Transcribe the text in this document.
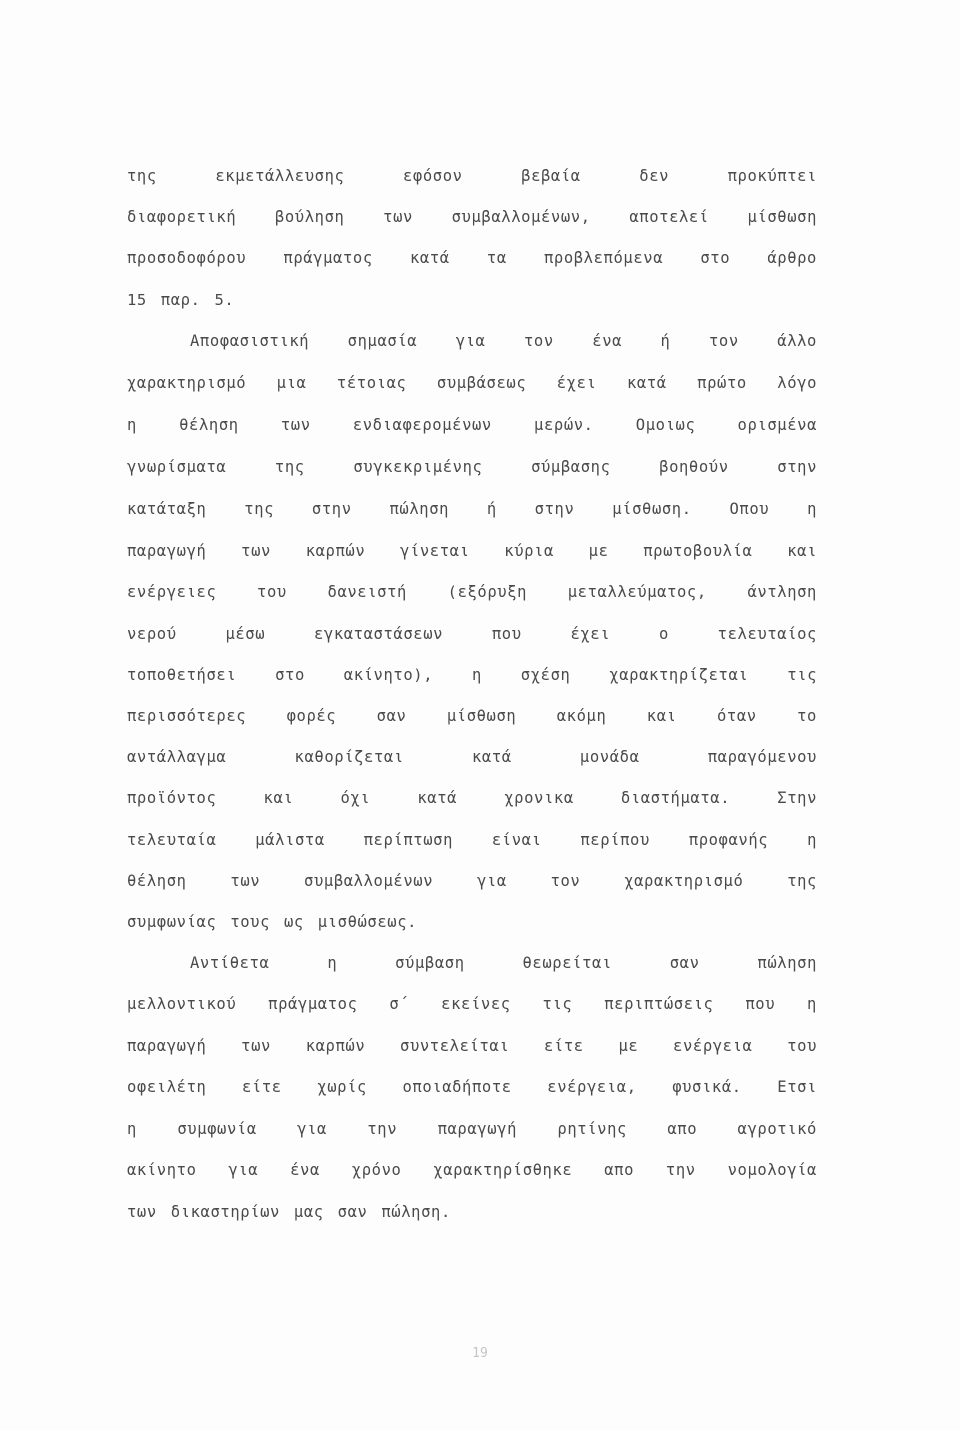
της εκμετάλλευσης εφόσον βεβαία δεν προκύπτει
διαφορετική βούληση των συμβαλλομένων, αποτελεί μίσθωση
προσοδοφόρου πράγματος κατά τα προβλεπόμενα στο άρθρο
15 παρ. 5.
Αποφασιστική σημασία για τον ένα ή τον άλλο
χαρακτηρισμό μια τέτοιας συμβάσεως έχει κατά πρώτο λόγο
η θέληση των ενδιαφερομένων μερών. Ομοιως ορισμένα
γνωρίσματα της συγκεκριμένης σύμβασης βοηθούν στην
κατάταξη της στην πώληση ή στην μίσθωση. Οπου η
παραγωγή των καρπών γίνεται κύρια με πρωτοβουλία και
ενέργειες του δανειστή (εξόρυξη μεταλλεύματος, άντληση
νερού μέσω εγκαταστάσεων που έχει ο τελευταίος
τοποθετήσει στο ακίνητο), η σχέση χαρακτηρίζεται τις
περισσότερες φορές σαν μίσθωση ακόμη και όταν το
αντάλλαγμα καθορίζεται κατά μονάδα παραγόμενου
προϊόντος και όχι κατά χρονικα διαστήματα. Στην
τελευταία μάλιστα περίπτωση είναι περίπου προφανής η
θέληση των συμβαλλομένων για τον χαρακτηρισμό της
συμφωνίας τους ως μισθώσεως.
Αντίθετα η σύμβαση θεωρείται σαν πώληση
μελλοντικού πράγματος σ΄ εκείνες τις περιπτώσεις που η
παραγωγή των καρπών συντελείται είτε με ενέργεια του
οφειλέτη είτε χωρίς οποιαδήποτε ενέργεια, φυσικά. Ετσι
η συμφωνία για την παραγωγή ρητίνης απο αγροτικό
ακίνητο για ένα χρόνο χαρακτηρίσθηκε απο την νομολογία
των δικαστηρίων μας σαν πώληση.
19
